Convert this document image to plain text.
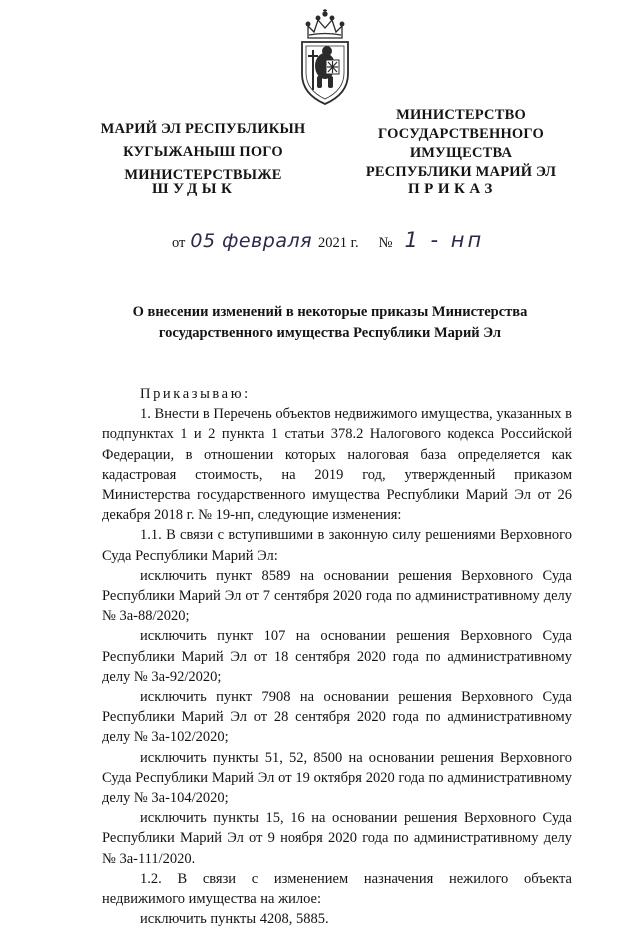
МАРИЙ ЭЛ РЕСПУБЛИКЫН
КУГЫЖАНЫШ ПОГО
МИНИСТЕРСТВЫЖЕ
МИНИСТЕРСТВО
ГОСУДАРСТВЕННОГО
ИМУЩЕСТВА
РЕСПУБЛИКИ МАРИЙ ЭЛ

ШУДЫК	ПРИКАЗ

от 05 февраля 2021 г. № 1 - нп
О внесении изменений в некоторые приказы Министерства
государственного имущества Республики Марий Эл

Приказываю:

1. Внести в Перечень объектов недвижимого имущества, указанных в подпунктах 1 и 2 пункта 1 статьи 378.2 Налогового кодекса Российской Федерации, в отношении которых налоговая база определяется как кадастровая стоимость, на 2019 год, утвержденный приказом Министерства государственного имущества Республики Марий Эл от 26 декабря 2018 г. № 19-нп, следующие изменения:

1.1. В связи с вступившими в законную силу решениями Верховного Суда Республики Марий Эл:

исключить пункт 8589 на основании решения Верховного Суда Республики Марий Эл от 7 сентября 2020 года по административному делу № 3а-88/2020;

исключить пункт 107 на основании решения Верховного Суда Республики Марий Эл от 18 сентября 2020 года по административному делу № 3а-92/2020;

исключить пункт 7908 на основании решения Верховного Суда Республики Марий Эл от 28 сентября 2020 года по административному делу № 3а-102/2020;

исключить пункты 51, 52, 8500 на основании решения Верховного Суда Республики Марий Эл от 19 октября 2020 года по административному делу № 3а-104/2020;

исключить пункты 15, 16 на основании решения Верховного Суда Республики Марий Эл от 9 ноября 2020 года по административному делу № 3а-111/2020.

1.2. В связи с изменением назначения нежилого объекта недвижимого имущества на жилое:

исключить пункты 4208, 5885.
